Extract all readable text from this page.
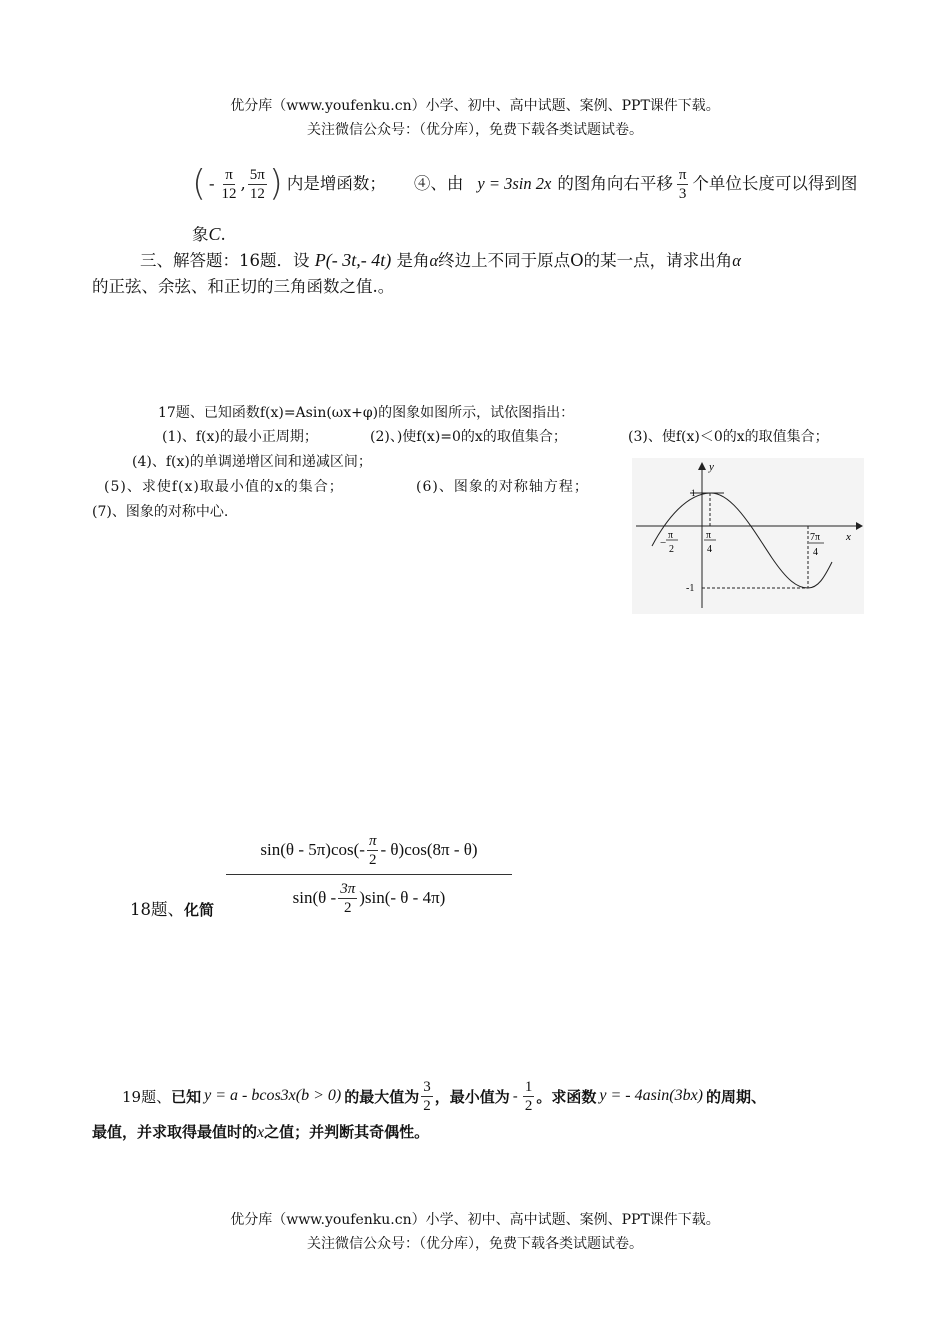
优分库（www.youfenku.cn）小学、初中、高中试题、案例、PPT课件下载。
关注微信公众号：（优分库），免费下载各类试题试卷。
( - $\frac{\pi}{12}$ , $\frac{5\pi}{12}$ ) 内是增函数； ④、由 y = 3sin 2x 的图角向右平移 $\frac{\pi}{3}$ 个单位长度可以得到图
象C.
三、解答题：16题．设 P(- 3t,- 4t) 是角α终边上不同于原点O的某一点，请求出角α
的正弦、余弦、和正切的三角函数之值.。
17题、已知函数f(x)=Asin(ωx+φ)的图象如图所示，试依图指出：
(1)、f(x)的最小正周期；	(2)、)使f(x)=0的x的取值集合；	(3)、使f(x)＜0的x的取值集合；
(4)、f(x)的单调递增区间和递减区间；
(5)、求使f(x)取最小值的x的集合；	(6)、图象的对称轴方程；
(7)、图象的对称中心.
y
x
1
-1
−
π
2
π
4
7π
4
$\sin(\theta - 5\pi)\cos(- \frac{\pi}{2} - \theta)\cos(8\pi - \theta)$
$\sin(\theta - \frac{3\pi}{2} )\sin(-$ θ - 4π)
18题、化简
19题、 已知 y = a - bcos3x(b > 0) 的最大值为 $\frac{3}{2}$ ，最小值为 - $\frac{1}{2}$ 。求函数 y = - 4asin(3bx) 的周期、
最值，并求取得最值时的x之值；并判断其奇偶性。
优分库（www.youfenku.cn）小学、初中、高中试题、案例、PPT课件下载。
关注微信公众号：（优分库），免费下载各类试题试卷。
